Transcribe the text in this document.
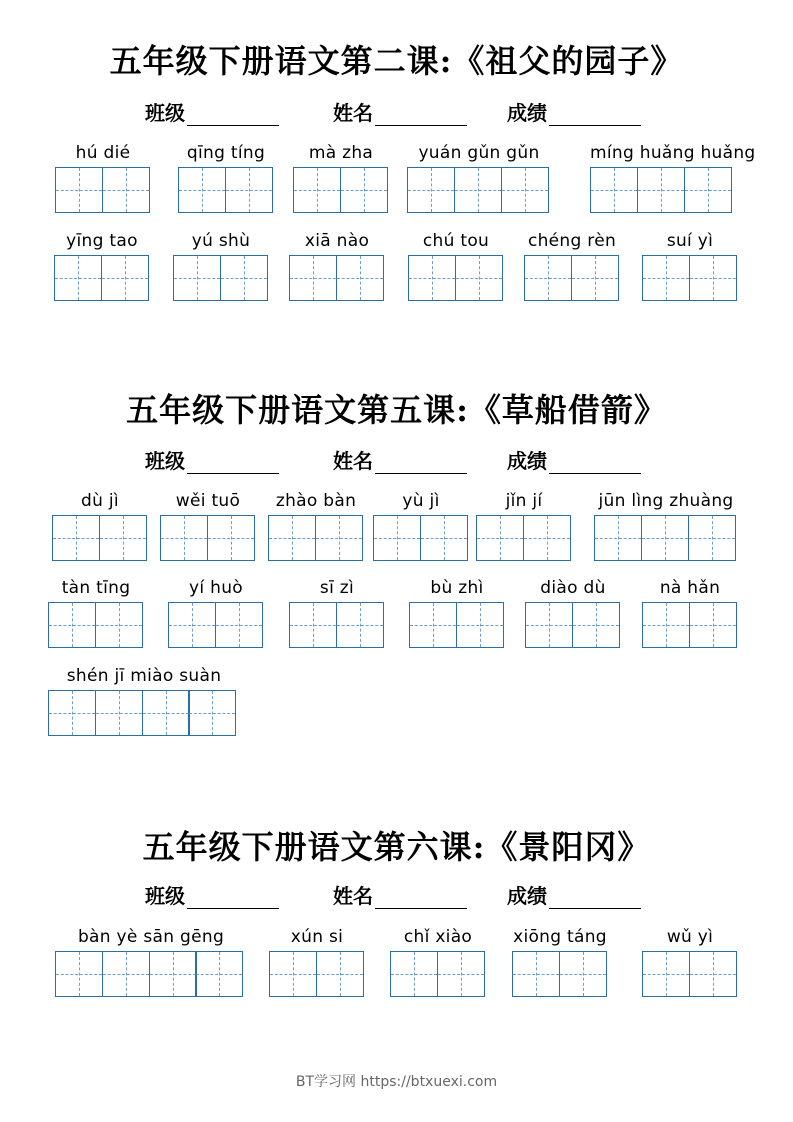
五年级下册语文第二课:《祖父的园子》
班级	姓名	成绩
hú dié	qīng tíng	mà zha	yuán gǔn gǔn	míng huǎng huǎng
yīng tao	yú shù	xiā nào	chú tou	chéng rèn	suí yì
五年级下册语文第五课:《草船借箭》
班级	姓名	成绩
dù jì	wěi tuō	zhào bàn	yù jì	jǐn jí	jūn lìng zhuàng
tàn tīng	yí huò	sī zì	bù zhì	diào dù	nà hǎn
shén jī miào suàn
五年级下册语文第六课:《景阳冈》
班级	姓名	成绩
bàn yè sān gēng	xún si	chǐ xiào	xiōng táng	wǔ yì
BT学习网 https://btxuexi.com
